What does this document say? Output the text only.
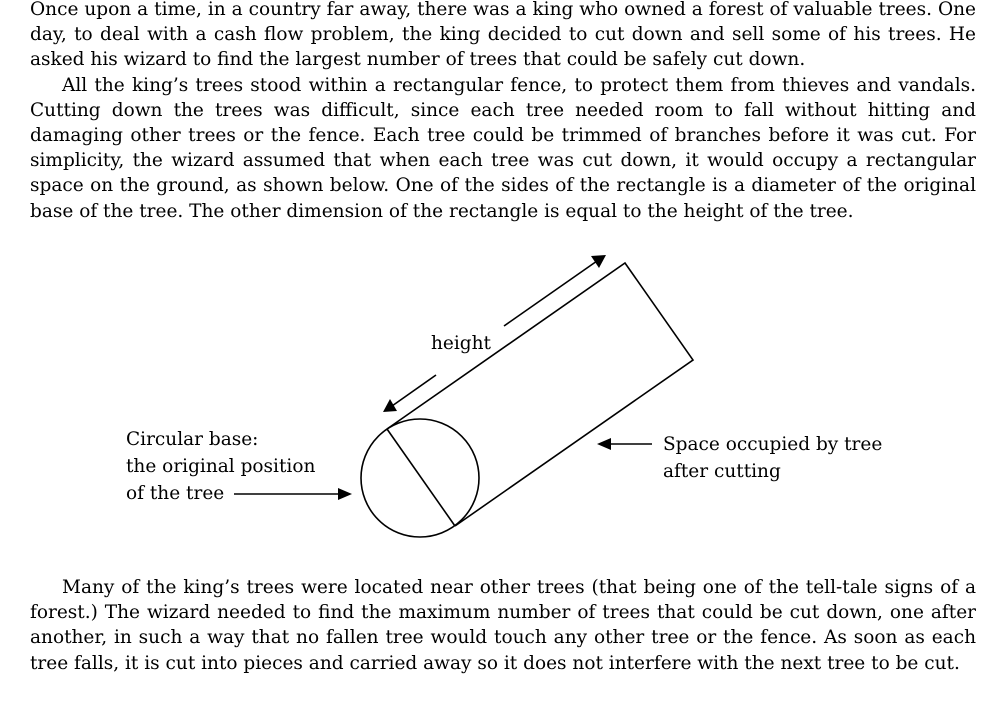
Once upon a time, in a country far away, there was a king who owned a forest of valuable trees. One day, to deal with a cash flow problem, the king decided to cut down and sell some of his trees. He asked his wizard to find the largest number of trees that could be safely cut down.

All the king’s trees stood within a rectangular fence, to protect them from thieves and vandals. Cutting down the trees was difficult, since each tree needed room to fall without hitting and damaging other trees or the fence. Each tree could be trimmed of branches before it was cut. For simplicity, the wizard assumed that when each tree was cut down, it would occupy a rectangular space on the ground, as shown below. One of the sides of the rectangle is a diameter of the original base of the tree. The other dimension of the rectangle is equal to the height of the tree.

height
Circular base:
the original position
of the tree
Space occupied by tree
after cutting

Many of the king’s trees were located near other trees (that being one of the tell-tale signs of a forest.) The wizard needed to find the maximum number of trees that could be cut down, one after another, in such a way that no fallen tree would touch any other tree or the fence. As soon as each tree falls, it is cut into pieces and carried away so it does not interfere with the next tree to be cut.
